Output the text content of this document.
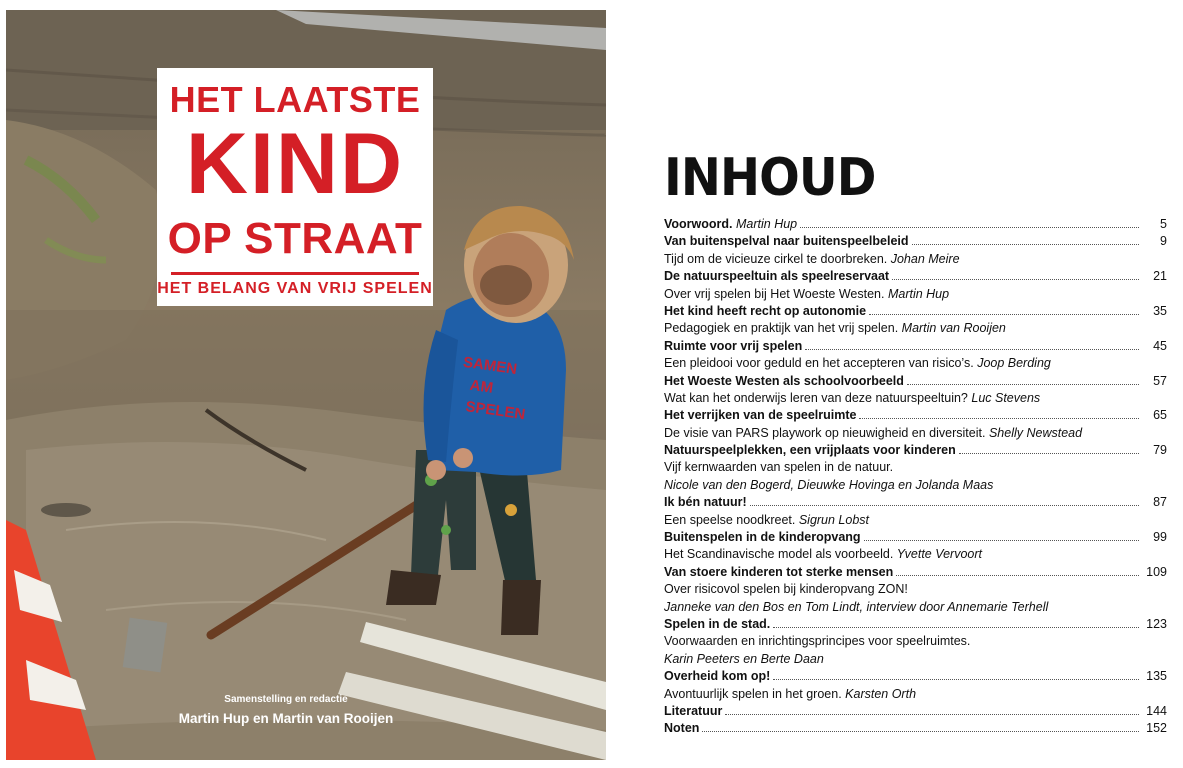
SAMEN
AM
SPELEN
HET LAATSTE
KIND
OP STRAAT
HET BELANG VAN VRIJ SPELEN
Samenstelling en redactie
Martin Hup en Martin van Rooijen
INHOUD
Voorwoord. Martin Hup	5
Van buitenspelval naar buitenspeelbeleid	9
Tijd om de vicieuze cirkel te doorbreken. Johan Meire
De natuurspeeltuin als speelreservaat	21
Over vrij spelen bij Het Woeste Westen. Martin Hup
Het kind heeft recht op autonomie	35
Pedagogiek en praktijk van het vrij spelen. Martin van Rooijen
Ruimte voor vrij spelen	45
Een pleidooi voor geduld en het accepteren van risico’s. Joop Berding
Het Woeste Westen als schoolvoorbeeld	57
Wat kan het onderwijs leren van deze natuurspeeltuin? Luc Stevens
Het verrijken van de speelruimte	65
De visie van PARS playwork op nieuwigheid en diversiteit. Shelly Newstead
Natuurspeelplekken, een vrijplaats voor kinderen	79
Vijf kernwaarden van spelen in de natuur.
Nicole van den Bogerd, Dieuwke Hovinga en Jolanda Maas
Ik bén natuur!	87
Een speelse noodkreet. Sigrun Lobst
Buitenspelen in de kinderopvang	99
Het Scandinavische model als voorbeeld. Yvette Vervoort
Van stoere kinderen tot sterke mensen	109
Over risicovol spelen bij kinderopvang ZON!
Janneke van den Bos en Tom Lindt, interview door Annemarie Terhell
Spelen in de stad.	123
Voorwaarden en inrichtingsprincipes voor speelruimtes.
Karin Peeters en Berte Daan
Overheid kom op!	135
Avontuurlijk spelen in het groen. Karsten Orth
Literatuur	144
Noten	152
